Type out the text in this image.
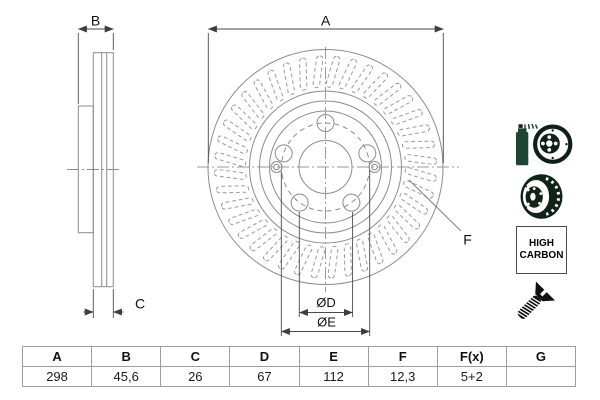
B
C
A
F
ØD
ØE
HIGH
CARBON
A	B	C	D	E	F	F(x)	G
298	45,6	26	67	112	12,3	5+2	
